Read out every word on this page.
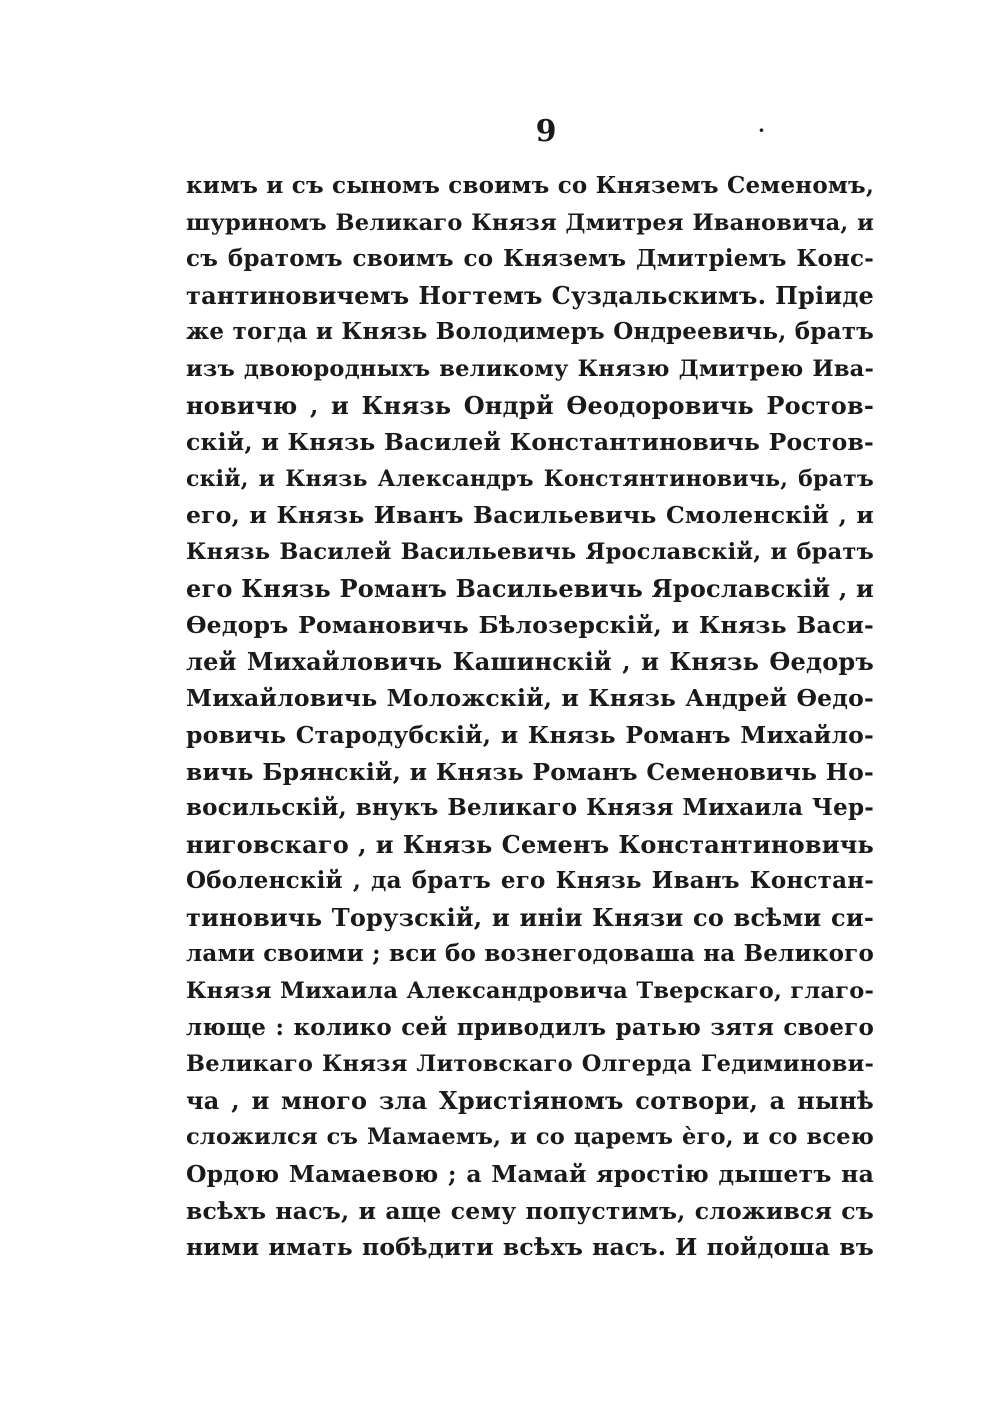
9	·
кимъ и съ сыномъ своимъ со Княземъ Семеномъ,
шуриномъ Великаго Князя Дмитрея Ивановича, и
съ братомъ своимъ со Княземъ Дмитріемъ Конс-
тантиновичемъ Ногтемъ Суздальскимъ. Пріиде
же тогда и Князь Володимеръ Ондреевичь, братъ
изъ двоюродныхъ великому Князю Дмитрею Ива-
новичю , и Князь Ондрй Ѳеодоровичь Ростов-
скій, и Князь Василей Константиновичь Ростов-
скій, и Князь Александръ Констянтиновичь, братъ
его, и Князь Иванъ Васильевичь Смоленскій , и
Князь Василей Васильевичь Ярославскій, и братъ
его Князь Романъ Васильевичь Ярославскій , и
Ѳедоръ Романовичь Бѣлозерскій, и Князь Васи-
лей Михайловичь Кашинскій , и Князь Ѳедоръ
Михайловичь Моложскій, и Князь Андрей Ѳедо-
ровичь Стародубскій, и Князь Романъ Михайло-
вичь Брянскій, и Князь Романъ Семеновичь Но-
восильскій, внукъ Великаго Князя Михаила Чер-
ниговскаго , и Князь Семенъ Константиновичь
Оболенскій , да братъ его Князь Иванъ Констан-
тиновичь Торузскій, и иніи Князи со всѣми си-
лами своими ; вси бо вознегодоваша на Великого
Князя Михаила Александровича Тверскаго, глаго-
люще : колико сей приводилъ ратью зятя своего
Великаго Князя Литовскаго Олгерда Гедиминови-
ча , и много зла Христіяномъ сотвори, а нынѣ
сложился съ Мамаемъ, и со царемъ ѐго, и со всею
Ордою Мамаевою ; а Мамай яростію дышетъ на
всѣхъ насъ, и аще сему попустимъ, сложився съ
ними имать побѣдити всѣхъ насъ. И пойдоша въ
